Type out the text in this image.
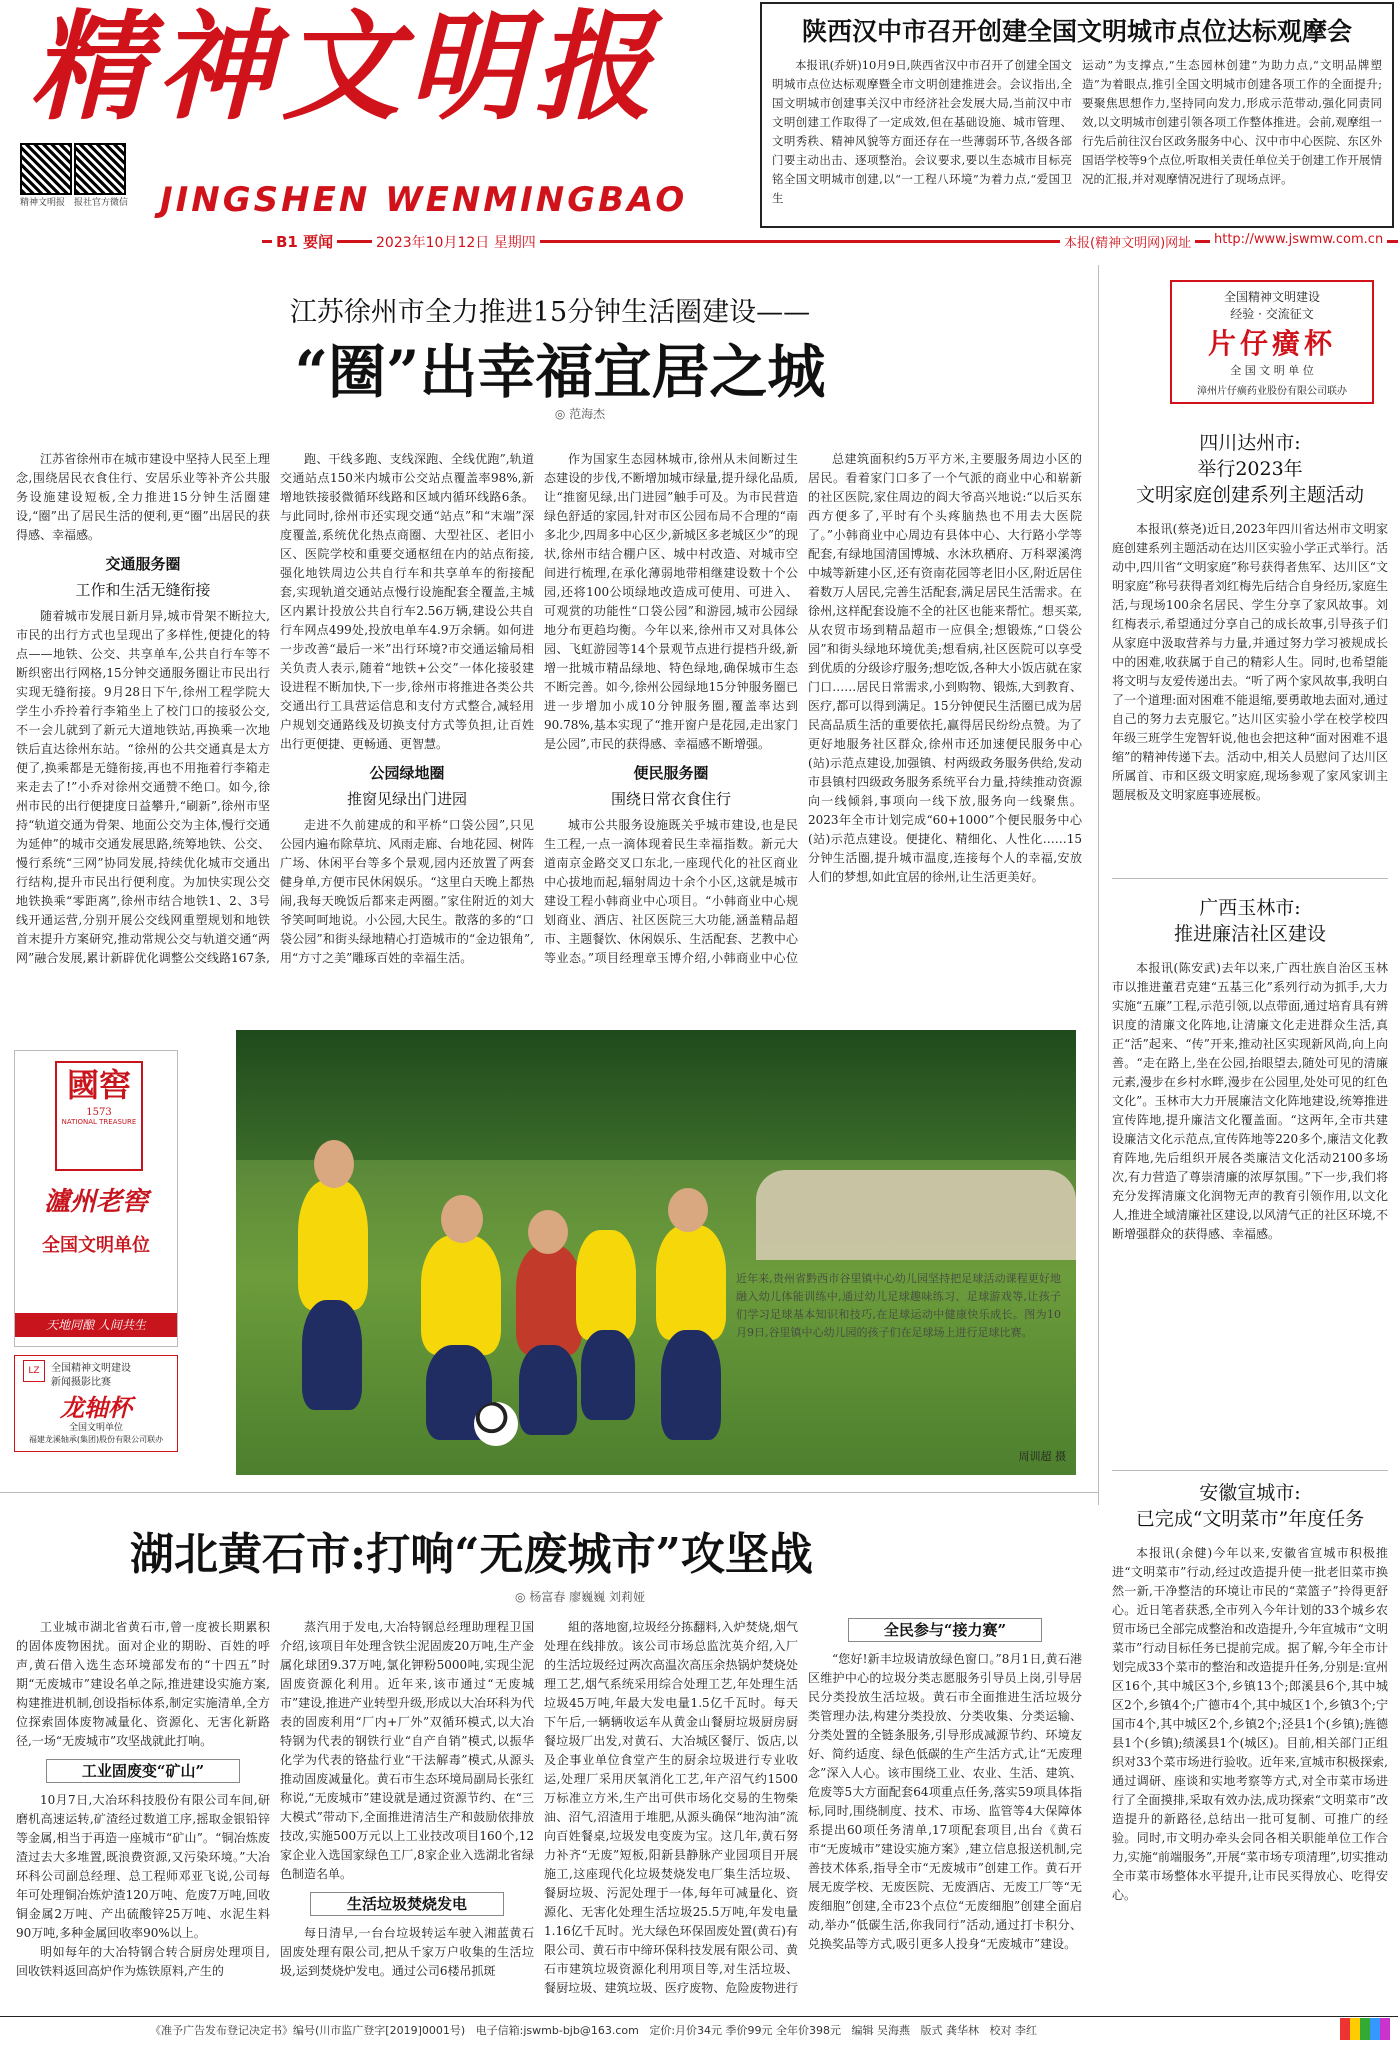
精神文明报
JINGSHEN WENMINGBAO
精神文明报 报社官方微信
B1 要闻	2023年10月12日 星期四	本报(精神文明网)网址	http://www.jswmw.com.cn
陕西汉中市召开创建全国文明城市点位达标观摩会
本报讯(乔妍)10月9日,陕西省汉中市召开了创建全国文明城市点位达标观摩暨全市文明创建推进会。会议指出,全国文明城市创建事关汉中市经济社会发展大局,当前汉中市文明创建工作取得了一定成效,但在基础设施、城市管理、文明秀秩、精神风貌等方面还存在一些薄弱环节,各级各部门要主动出击、逐项整治。会议要求,要以生态城市目标亮铭全国文明城市创建,以“一工程八环境”为着力点,“爱国卫生
运动”为支撑点,“生态园林创建”为助力点,“文明品牌塑造”为着眼点,推引全国文明城市创建各项工作的全面提升;要聚焦思想作力,坚持同向发力,形成示范带动,强化同责同效,以文明城市创建引领各项工作整体推进。会前,观摩组一行先后前往汉台区政务服务中心、汉中市中心医院、东区外国语学校等9个点位,听取相关责任单位关于创建工作开展情况的汇报,并对观摩情况进行了现场点评。
江苏徐州市全力推进15分钟生活圈建设——
“圈”出幸福宜居之城
◎ 范海杰

江苏省徐州市在城市建设中坚持人民至上理念,围绕居民衣食住行、安居乐业等补齐公共服务设施建设短板,全力推进15分钟生活圈建设,“圈”出了居民生活的便利,更“圈”出居民的获得感、幸福感。

交通服务圈
工作和生活无缝衔接

随着城市发展日新月异,城市骨架不断拉大,市民的出行方式也呈现出了多样性,便捷化的特点——地铁、公交、共享单车,公共自行车等不断织密出行网格,15分钟交通服务圈让市民出行实现无缝衔接。9月28日下午,徐州工程学院大学生小乔拎着行李箱坐上了校门口的接驳公交,不一会儿就到了新元大道地铁站,再换乘一次地铁后直达徐州东站。“徐州的公共交通真是太方便了,换乘都是无缝衔接,再也不用拖着行李箱走来走去了!”小乔对徐州交通赞不绝口。如今,徐州市民的出行便捷度日益攀升,“刷新”,徐州市坚持“轨道交通为骨架、地面公交为主体,慢行交通为延伸”的城市交通发展思路,统筹地铁、公交、慢行系统“三网”协同发展,持续优化城市交通出行结构,提升市民出行便利度。为加快实现公交地铁换乘“零距离”,徐州市结合地铁1、2、3号线开通运营,分别开展公交线网重塑规划和地铁首末提升方案研究,推动常规公交与轨道交通“两网”融合发展,累计新辟优化调整公交线路167条,

跑、干线多跑、支线深跑、全线优跑”,轨道交通站点150米内城市公交站点覆盖率98%,新增地铁接驳微循环线路和区域内循环线路6条。与此同时,徐州市还实现交通“站点”和“末端”深度覆盖,系统优化热点商圈、大型社区、老旧小区、医院学校和重要交通枢纽在内的站点衔接,强化地铁周边公共自行车和共享单车的衔接配套,实现轨道交通站点慢行设施配套全覆盖,主城区内累计投放公共自行车2.56万辆,建设公共自行车网点499处,投放电单车4.9万余辆。如何进一步改善“最后一米”出行环境?市交通运输局相关负责人表示,随着“地铁+公交”一体化接驳建设进程不断加快,下一步,徐州市将推进各类公共交通出行工具营运信息和支付方式整合,减轻用户规划交通路线及切换支付方式等负担,让百姓出行更便捷、更畅通、更智慧。

公园绿地圈
推窗见绿出门进园

走进不久前建成的和平桥“口袋公园”,只见公园内遍布除草坑、风雨走廊、台地花园、树阵广场、休闲平台等多个景观,园内还放置了两套健身单,方便市民休闲娱乐。“这里白天晚上都热闹,我每天晚饭后都来走两圈。”家住附近的刘大爷笑呵呵地说。小公园,大民生。散落的多的“口袋公园”和街头绿地精心打造城市的“金边银角”,用“方寸之美”雕琢百姓的幸福生活。

作为国家生态园林城市,徐州从未间断过生态建设的步伐,不断增加城市绿量,提升绿化品质,让“推窗见绿,出门进园”触手可及。为市民营造绿色舒适的家园,针对市区公园布局不合理的“南多北少,四周多中心区少,新城区多老城区少”的现状,徐州市结合棚户区、城中村改造、对城市空间进行梳理,在承化薄弱地带相继建设数十个公园,还将100公顷绿地改造成可使用、可进入、可观赏的功能性“口袋公园”和游园,城市公园绿地分布更趋均衡。今年以来,徐州市又对具体公园、飞虹游园等14个景观节点进行提档升级,新增一批城市精品绿地、特色绿地,确保城市生态不断完善。如今,徐州公园绿地15分钟服务圈已进一步增加小成10分钟服务圈,覆盖率达到90.78%,基本实现了“推开窗户是花园,走出家门是公园”,市民的获得感、幸福感不断增强。

便民服务圈
围绕日常衣食住行

城市公共服务设施既关乎城市建设,也是民生工程,一点一滴体现着民生幸福指数。新元大道南京金路交叉口东北,一座现代化的社区商业中心拔地而起,辐射周边十余个小区,这就是城市建设工程小韩商业中心项目。“小韩商业中心规划商业、酒店、社区医院三大功能,涵盖精品超市、主题餐饮、休闲娱乐、生活配套、艺教中心等业态。”项目经理章玉博介绍,小韩商业中心位

总建筑面积约5万平方米,主要服务周边小区的居民。看着家门口多了一个气派的商业中心和崭新的社区医院,家住周边的阎大爷高兴地说:“以后买东西方便多了,平时有个头疼脑热也不用去大医院了。”小韩商业中心周边有县体中心、大行路小学等配套,有绿地国清国博城、水沐玖栖府、万科翠溪湾中城等新建小区,还有资南花园等老旧小区,附近居住着数万人居民,完善生活配套,满足居民生活需求。在徐州,这样配套设施不全的社区也能来帮忙。想买菜,从农贸市场到精品超市一应俱全;想锻炼,“口袋公园”和街头绿地环境优美;想看病,社区医院可以享受到优质的分级诊疗服务;想吃饭,各种大小饭店就在家门口……居民日常需求,小到购物、锻炼,大到教育、医疗,都可以得到满足。15分钟便民生活圈已成为居民高品质生活的重要依托,赢得居民纷纷点赞。为了更好地服务社区群众,徐州市还加速便民服务中心(站)示范点建设,加强镇、村两级政务服务供给,发动市县镇村四级政务服务系统平台力量,持续推动资源向一线倾斜,事项向一线下放,服务向一线聚焦。2023年全市计划完成“60+1000”个便民服务中心(站)示范点建设。便捷化、精细化、人性化……15分钟生活圈,提升城市温度,连接每个人的幸福,安放人们的梦想,如此宜居的徐州,让生活更美好。

全国精神文明建设
经验 · 交流征文
片仔癀杯
全 国 文 明 单 位
漳州片仔癀药业股份有限公司联办
四川达州市:
举行2023年
文明家庭创建系列主题活动

本报讯(蔡尧)近日,2023年四川省达州市文明家庭创建系列主题活动在达川区实验小学正式举行。活动中,四川省“文明家庭”称号获得者焦军、达川区“文明家庭”称号获得者刘红梅先后结合自身经历,家庭生活,与现场100余名居民、学生分享了家风故事。刘红梅表示,希望通过分享自己的成长故事,引导孩子们从家庭中汲取营养与力量,并通过努力学习被规成长中的困难,收获属于自己的精彩人生。同时,也希望能将文明与友爱传递出去。“听了两个家风故事,我明白了一个道理:面对困难不能退缩,要勇敢地去面对,通过自己的努力去克服它。”达川区实验小学在校学校四年级三班学生宠智轩说,他也会把这种“面对困难不退缩”的精神传递下去。活动中,相关人员慰问了达川区所属首、市和区级文明家庭,现场参观了家风家训主题展板及文明家庭事迹展板。

广西玉林市:
推进廉洁社区建设

本报讯(陈安武)去年以来,广西壮族自治区玉林市以推进董君克建“五基三化”系列行动为抓手,大力实施“五廉”工程,示范引领,以点带面,通过培育具有辨识度的清廉文化阵地,让清廉文化走进群众生活,真正“活”起来、“传”开来,推动社区实现新风尚,向上向善。“走在路上,坐在公园,抬眼望去,随处可见的清廉元素,漫步在乡村水畔,漫步在公园里,处处可见的红色文化”。玉林市大力开展廉洁文化阵地建设,统筹推进宣传阵地,提升廉洁文化覆盖面。“这两年,全市共建设廉洁文化示范点,宣传阵地等220多个,廉洁文化教育阵地,先后组织开展各类廉洁文化活动2100多场次,有力营造了尊崇清廉的浓厚氛围。”下一步,我们将充分发挥清廉文化润物无声的教育引领作用,以文化人,推进全域清廉社区建设,以风清气正的社区环境,不断增强群众的获得感、幸福感。

安徽宣城市:
已完成“文明菜市”年度任务

本报讯(余健)今年以来,安徽省宣城市积极推进“文明菜市”行动,经过改造提升使一批老旧菜市换然一新,干净整洁的环境让市民的“菜篮子”拎得更舒心。近日笔者获悉,全市列入今年计划的33个城乡农贸市场已全部完成整治和改造提升,今年宣城市“文明菜市”行动目标任务已提前完成。据了解,今年全市计划完成33个菜市的整治和改造提升任务,分别是:宣州区16个,其中城区3个,乡镇13个;郎溪县6个,其中城区2个,乡镇4个;广德市4个,其中城区1个,乡镇3个;宁国市4个,其中城区2个,乡镇2个;泾县1个(乡镇);旌德县1个(乡镇);绩溪县1个(城区)。目前,相关部门正组织对33个菜市场进行验收。近年来,宣城市积极探索,通过调研、座谈和实地考察等方式,对全市菜市场进行了全面摸排,采取有效办法,成功探索“文明菜市”改造提升的新路径,总结出一批可复制、可推广的经验。同时,市文明办牵头会同各相关职能单位工作合力,实施“前端服务”,开展“菜市场专项清理”,切实推动全市菜市场整体水平提升,让市民买得放心、吃得安心。

國窖
1573
NATIONAL TREASURE
瀘州老窖
全国文明单位
天地同酿 人间共生
LZ	全国精神文明建设
新闻摄影比赛
龙轴杯
全国文明单位
福建龙溪轴承(集团)股份有限公司联办
近年来,贵州省黔西市谷里镇中心幼儿园坚持把足球活动课程更好地融入幼儿体能训练中,通过幼儿足球趣味练习、足球游戏等,让孩子们学习足球基本知识和技巧,在足球运动中健康快乐成长。图为10月9日,谷里镇中心幼儿园的孩子们在足球场上进行足球比赛。
周训超 摄
湖北黄石市:打响“无废城市”攻坚战
◎ 杨富春 廖巍巍 刘莉娅

工业城市湖北省黄石市,曾一度被长期累积的固体废物困扰。面对企业的期盼、百姓的呼声,黄石借入选生态环境部发布的“十四五”时期“无废城市”建设名单之际,推进建设实施方案,构建推进机制,创设指标体系,制定实施清单,全方位探索固体废物减量化、资源化、无害化新路径,一场“无废城市”攻坚战就此打响。

工业固废变“矿山”

10月7日,大冶环科技股份有限公司车间,研磨机高速运转,矿渣经过数道工序,摇取金银铅锌等金属,相当于再造一座城市“矿山”。“铜冶炼废渣过去大多堆置,既浪费资源,又污染环境。”大冶环科公司副总经理、总工程师邓亚飞说,公司每年可处理铜冶炼炉渣120万吨、危废7万吨,回收铜金属2万吨、产出硫酸锌25万吨、水泥生料90万吨,多种金属回收率90%以上。

明如每年的大冶特钢合转合厨房处理项目,回收铁料返回高炉作为炼铁原料,产生的

蒸汽用于发电,大冶特钢总经理助理程卫国介绍,该项目年处理含铁尘泥固废20万吨,生产金属化球团9.37万吨,氯化钾粉5000吨,实现尘泥固废资源化利用。近年来,该市通过“无废城市”建设,推进产业转型升级,形成以大冶环科为代表的固废利用“厂内+厂外”双循环模式,以大冶特钢为代表的钢铁行业“自产自销”模式,以振华化学为代表的铬盐行业“干法解毒”模式,从源头推动固废减量化。黄石市生态环境局副局长张红称说,“无废城市”建设就是通过资源节约、在“三大模式”带动下,全面推进清洁生产和鼓励依排放技改,实施500万元以上工业技改项目160个,12家企业入选国家绿色工厂,8家企业入选湖北省绿色制造名单。

生活垃圾焚烧发电

每日清早,一台台垃圾转运车驶入湘蓝黄石固废处理有限公司,把从千家万户收集的生活垃圾,运到焚烧炉发电。通过公司6楼吊抓斑

組的落地窗,垃圾经分拣翻料,入炉焚烧,烟气处理在线排放。该公司市场总监沈英介绍,入厂的生活垃圾经过两次高温次高压余热锅炉焚烧处理工艺,烟气系统采用综合处理工艺,年处理生活垃圾45万吨,年最大发电量1.5亿千瓦时。每天下午后,一辆辆收运车从黄金山餐厨垃圾厨房厨餐垃圾厂出发,对黄石、大冶城区餐厅、饭店,以及企事业单位食堂产生的厨余垃圾进行专业收运,处理厂采用厌氧消化工艺,年产沼气约1500万标准立方米,生产出可供市场化交易的生物柴油、沼气,沼渣用于堆肥,从源头确保“地沟油”流向百姓餐桌,垃圾发电变废为宝。这几年,黄石努力补齐“无废”短板,阳新县静脉产业园项目开展施工,这座现代化垃圾焚烧发电厂集生活垃圾、餐厨垃圾、污泥处理于一体,每年可减量化、资源化、无害化处理生活垃圾25.5万吨,年发电量1.16亿千瓦时。光大绿色环保固废处置(黄石)有限公司、黄石市中缔环保科技发展有限公司、黄石市建筑垃圾资源化利用项目等,对生活垃圾、餐厨垃圾、建筑垃圾、医疗废物、危险废物进行

全民参与“接力赛”

“您好!新丰垃圾请放绿色窗口。”8月1日,黄石港区维护中心的垃圾分类志愿服务引导员上岗,引导居民分类投放生活垃圾。黄石市全面推进生活垃圾分类管理办法,构建分类投放、分类收集、分类运输、分类处置的全链条服务,引导形成减源节约、环境友好、简约适度、绿色低碳的生产生活方式,让“无废理念”深入人心。该市围绕工业、农业、生活、建筑、危废等5大方面配套64项重点任务,落实59项具体指标,同时,围绕制度、技术、市场、监管等4大保障体系提出60项任务清单,17项配套项目,出台《黄石市“无废城市”建设实施方案》,建立信息报送机制,完善技术体系,指导全市“无废城市”创建工作。黄石开展无废学校、无废医院、无废酒店、无废工厂等“无废细胞”创建,全市23个点位“无废细胞”创建全面启动,举办“低碳生活,你我同行”活动,通过打卡积分、兑换奖品等方式,吸引更多人投身“无废城市”建设。

《准予广告发布登记决定书》编号(川市监广登字[2019]0001号) 电子信箱:jswmb-bjb@163.com 定价:月价34元 季价99元 全年价398元 编辑 吴海燕 版式 龚华林 校对 李红
